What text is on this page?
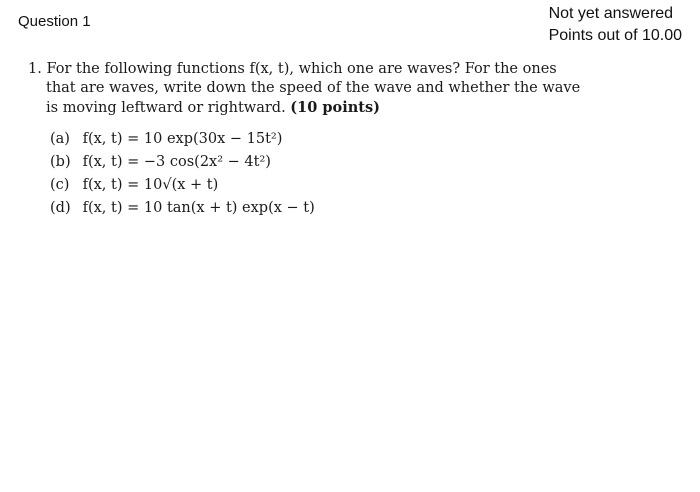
Question 1	Not yet answered
Points out of 10.00
1. For the following functions f(x, t), which one are waves? For the ones
that are waves, write down the speed of the wave and whether the wave
is moving leftward or rightward. (10 points)
(a) f(x, t) = 10 exp(30x − 15t²)
(b) f(x, t) = −3 cos(2x² − 4t²)
(c) f(x, t) = 10√(x + t)
(d) f(x, t) = 10 tan(x + t) exp(x − t)
